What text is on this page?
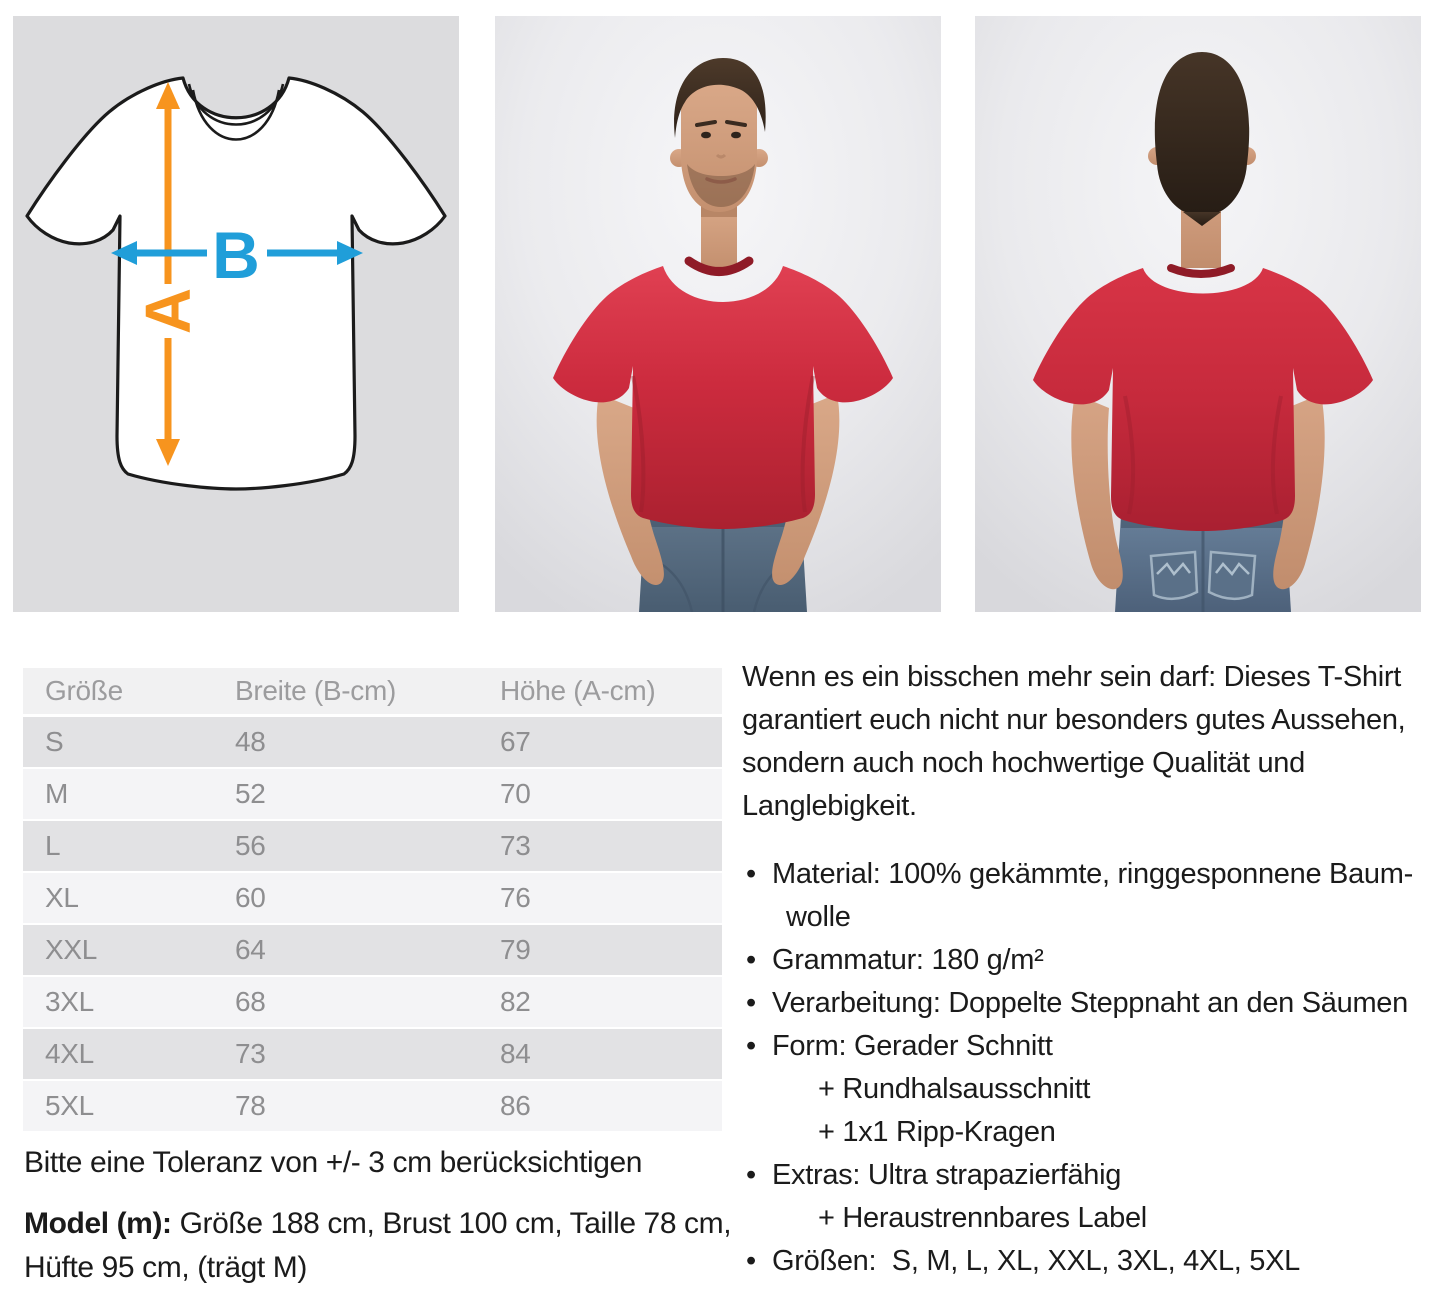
A
B
Größe	Breite (B-cm)	Höhe (A-cm)
S	48	67
M	52	70
L	56	73
XL	60	76
XXL	64	79
3XL	68	82
4XL	73	84
5XL	78	86
Bitte eine Toleranz von +/- 3 cm berücksichtigen
Model (m): Größe 188 cm, Brust 100 cm, Taille 78 cm,
Hüfte 95 cm, (trägt M)
Wenn es ein bisschen mehr sein darf: Dieses T-Shirt
garantiert euch nicht nur besonders gutes Aussehen,
sondern auch noch hochwertige Qualität und
Langlebigkeit.
• Material: 100% gekämmte, ringgesponnene Baum-
wolle
• Grammatur: 180 g/m²
• Verarbeitung: Doppelte Steppnaht an den Säumen
• Form: Gerader Schnitt
+ Rundhalsausschnitt
+ 1x1 Ripp-Kragen
• Extras: Ultra strapazierfähig
+ Heraustrennbares Label
• Größen:  S, M, L, XL, XXL, 3XL, 4XL, 5XL
